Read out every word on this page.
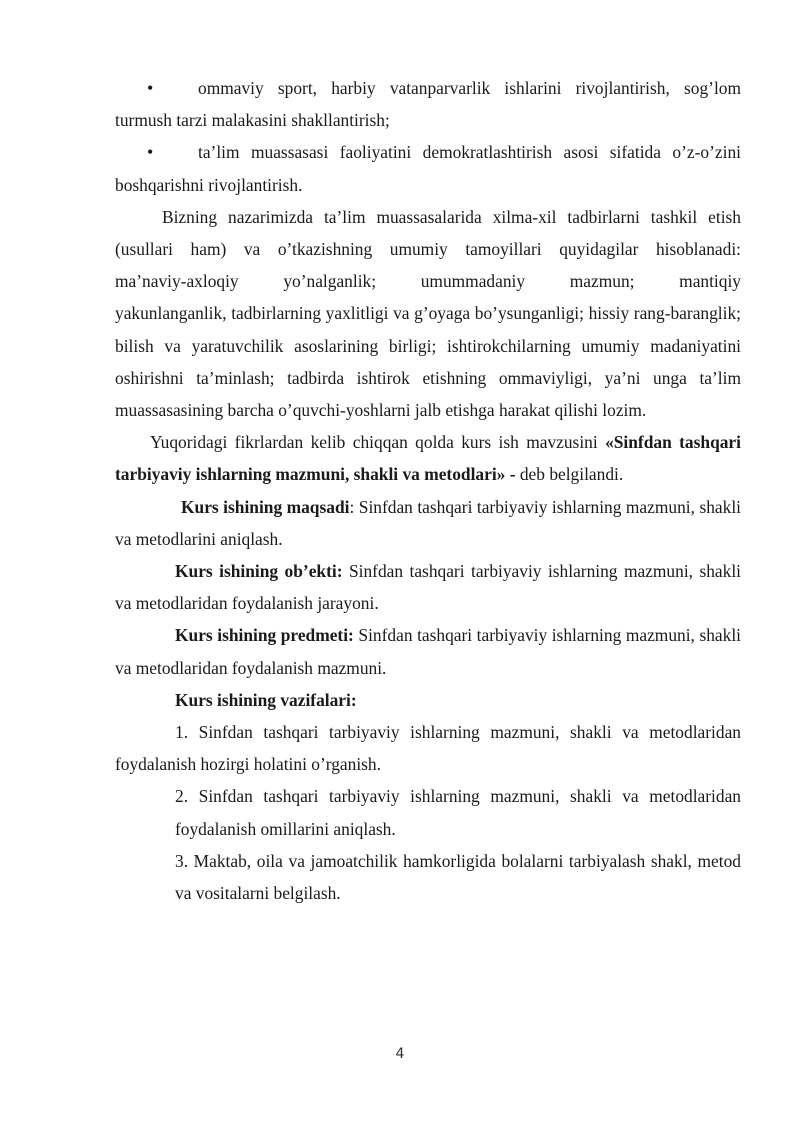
•	ommaviy sport, harbiy vatanparvarlik ishlarini rivojlantirish, sog’lom turmush tarzi malakasini shakllantirish;

•	ta’lim muassasasi faoliyatini demokratlashtirish asosi sifatida o’z-o’zini boshqarishni rivojlantirish.

Bizning nazarimizda ta’lim muassasalarida xilma-xil tadbirlarni tashkil etish (usullari ham) va o’tkazishning umumiy tamoyillari quyidagilar hisoblanadi:

ma’naviy-axloqiy yo’nalganlik; umummadaniy mazmun; mantiqiy

yakunlanganlik, tadbirlarning yaxlitligi va g’oyaga bo’ysunganligi; hissiy rang-baranglik; bilish va yaratuvchilik asoslarining birligi; ishtirokchilarning umumiy madaniyatini oshirishni ta’minlash; tadbirda ishtirok etishning ommaviyligi, ya’ni unga ta’lim muassasasining barcha o’quvchi-yoshlarni jalb etishga harakat qilishi lozim.

Yuqoridagi fikrlardan kelib chiqqan qolda kurs ish mavzusini «Sinfdan tashqari tarbiyaviy ishlarning mazmuni, shakli va metodlari» - deb belgilandi.

Kurs ishining maqsadi: Sinfdan tashqari tarbiyaviy ishlarning mazmuni, shakli va metodlarini aniqlash.

Kurs ishining ob’ekti: Sinfdan tashqari tarbiyaviy ishlarning mazmuni, shakli va metodlaridan foydalanish jarayoni.

Kurs ishining predmeti: Sinfdan tashqari tarbiyaviy ishlarning mazmuni, shakli va metodlaridan foydalanish mazmuni.

Kurs ishining vazifalari:

1. Sinfdan tashqari tarbiyaviy ishlarning mazmuni, shakli va metodlaridan foydalanish hozirgi holatini o’rganish.

2. Sinfdan tashqari tarbiyaviy ishlarning mazmuni, shakli va metodlaridan foydalanish omillarini aniqlash.

3. Maktab, oila va jamoatchilik hamkorligida bolalarni tarbiyalash shakl, metod va vositalarni belgilash.

4
